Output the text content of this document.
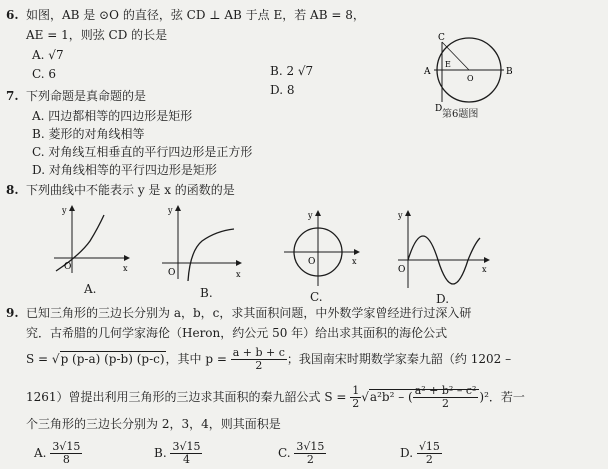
6. 如图，AB 是 ⊙O 的直径，弦 CD ⊥ AB 于点 E，若 AB = 8，
AE = 1，则弦 CD 的长是
A. √7
C. 6	B. 2 √7
D. 8
C
D
A	B
E
O
第6题图
7. 下列命题是真命题的是
A. 四边都相等的四边形是矩形
B. 菱形的对角线相等
C. 对角线互相垂直的平行四边形是正方形
D. 对角线相等的平行四边形是矩形
8. 下列曲线中不能表示 y 是 x 的函数的是
O	x
y
A.
O	x
y
B.
O	x
y
C.
O	x
y
D.
9. 已知三角形的三边长分别为 a，b，c，求其面积问题，中外数学家曾经进行过深入研
究．古希腊的几何学家海伦（Heron，约公元 50 年）给出求其面积的海伦公式
S = √p (p-a) (p-b) (p-c)，其中 $p = \frac{a + b + c}{2}$ ；我国南宋时期数学家秦九韶（约 1202 –
1261）曾提出利用三角形的三边求其面积的秦九韶公式 $S = \frac{1}{2} √a^2b^2$ – ( $\frac{\text{a² + b² – c²}}{2} )^2$．若一
个三角形的三边长分别为 2，3，4，则其面积是
A. $\frac{3√15}{8}$	B. $\frac{3√15}{4}$	C. $\frac{3√15}{2}$	D. $\frac{√15}{2}$
